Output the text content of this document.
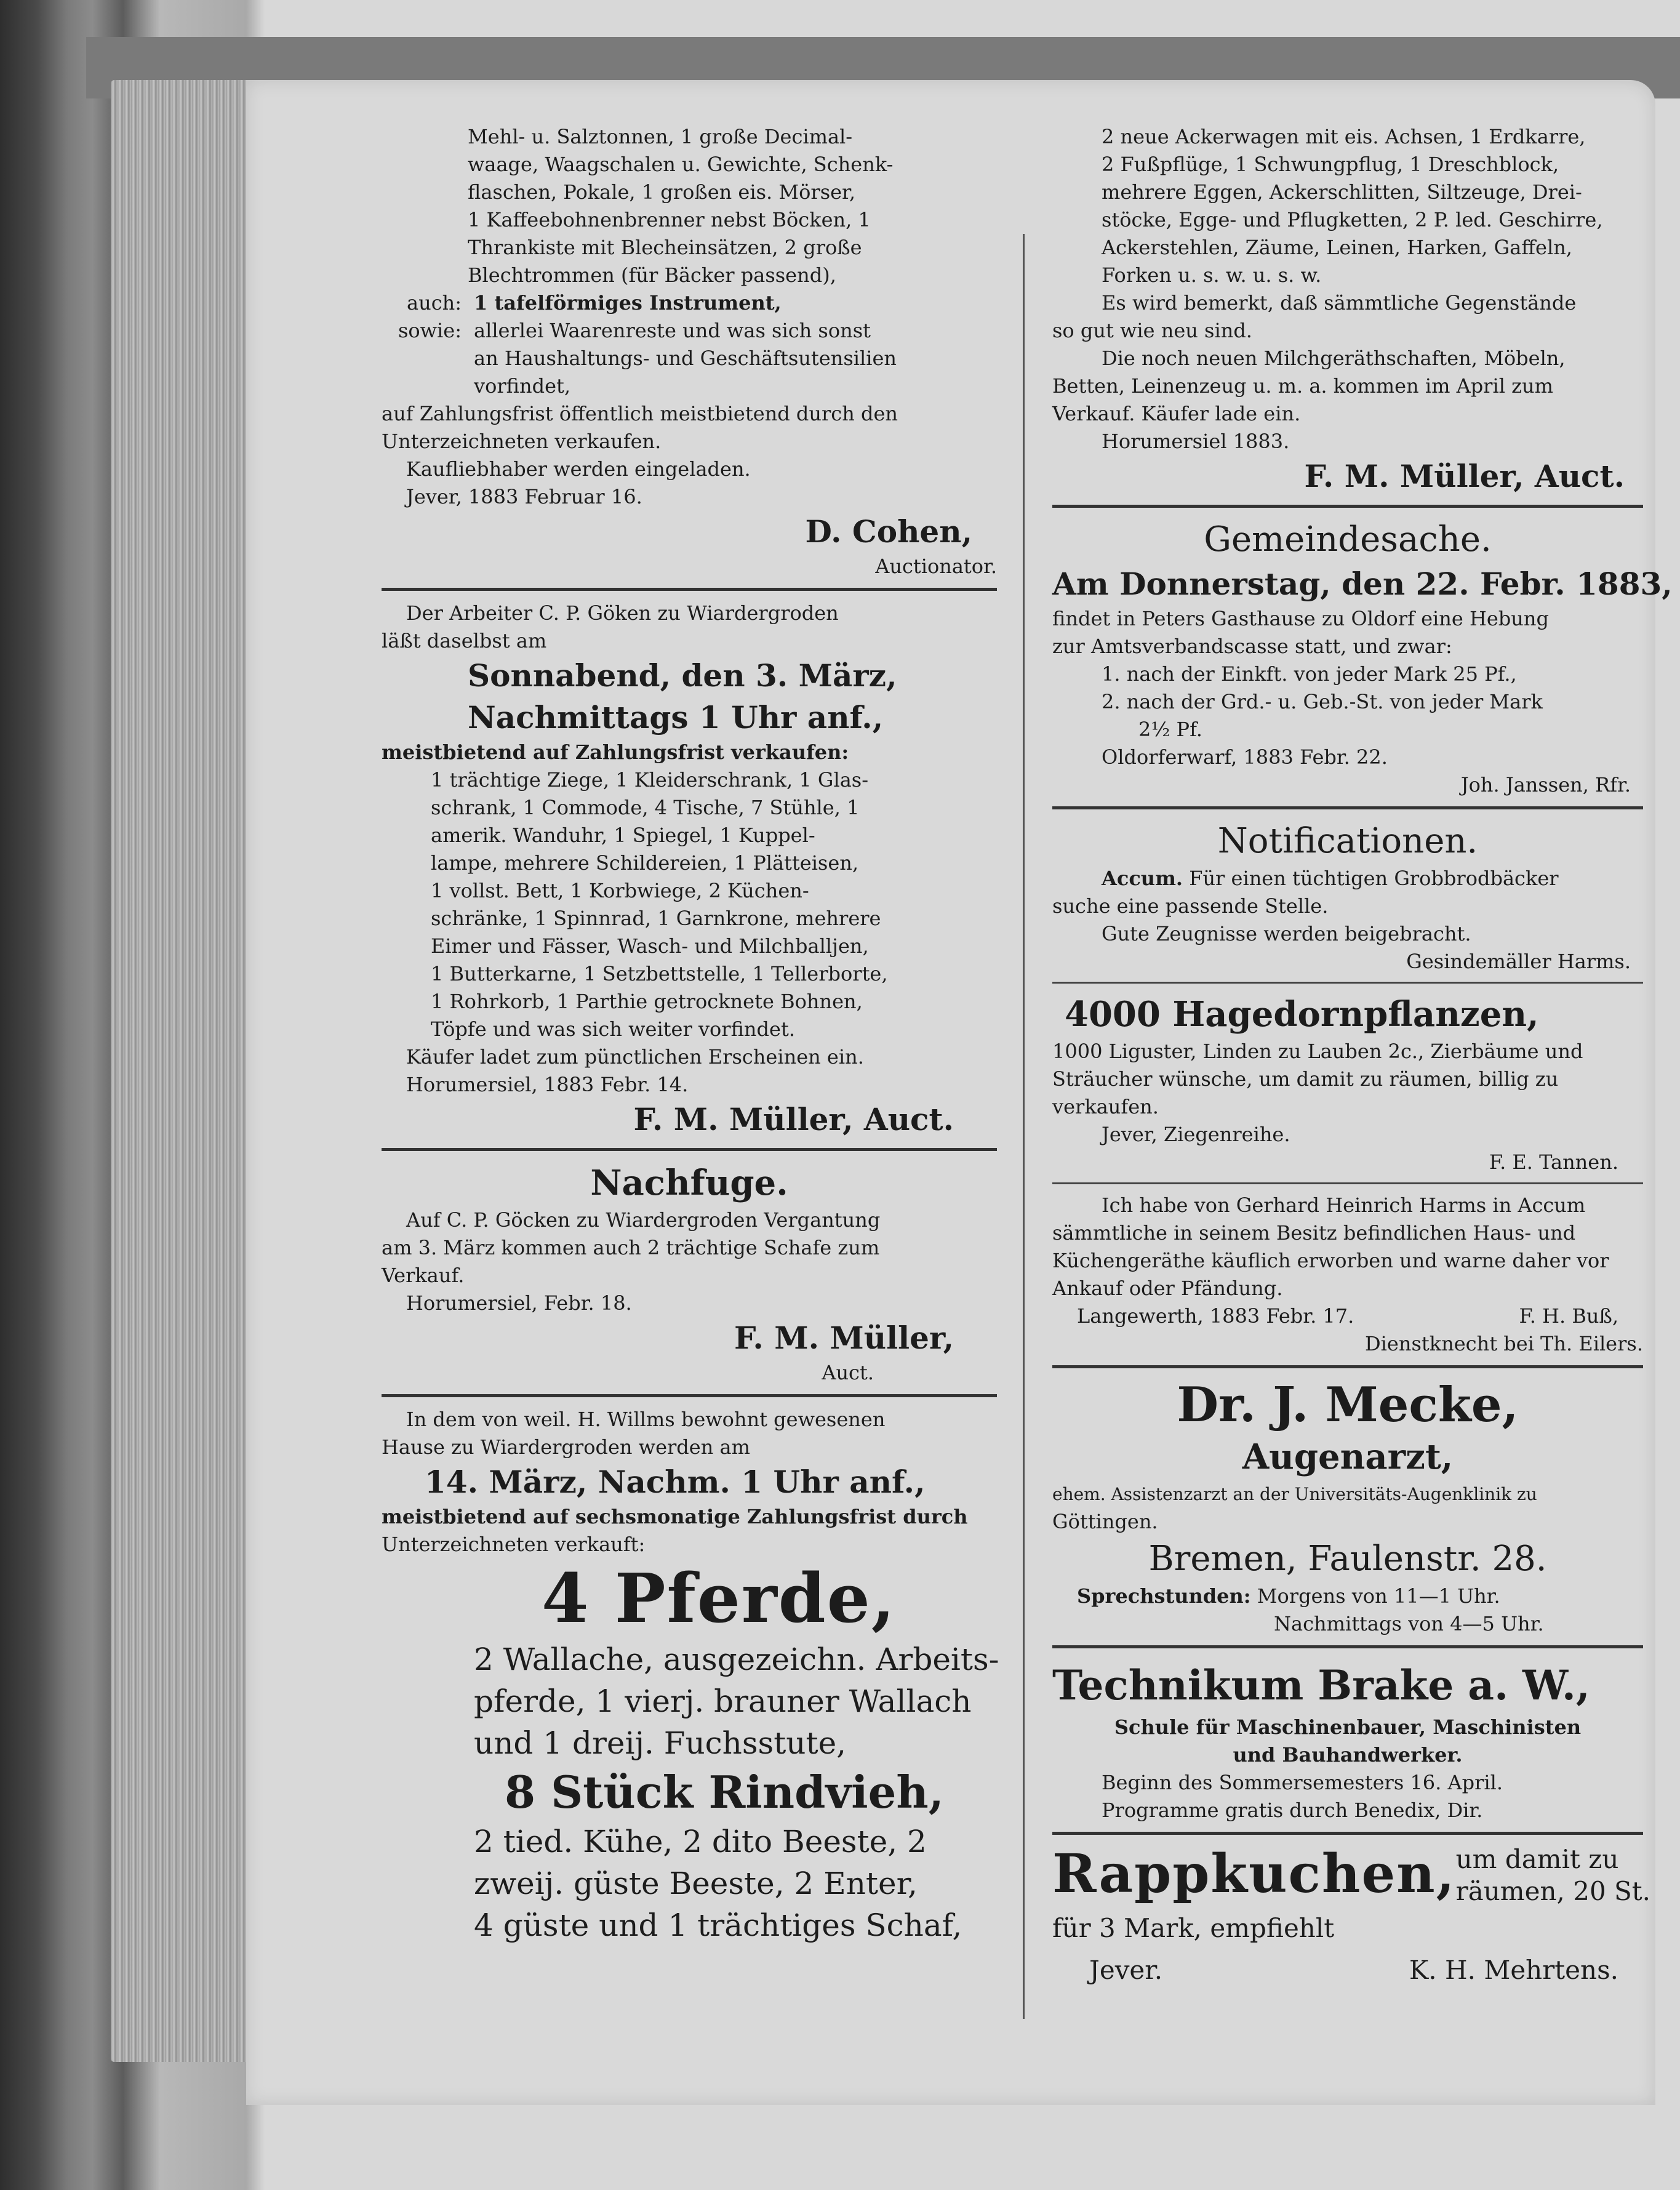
Mehl- u. Salztonnen, 1 große Decimal-
waage, Waagschalen u. Gewichte, Schenk-
flaschen, Pokale, 1 großen eis. Mörser,
1 Kaffeebohnenbrenner nebst Böcken, 1
Thrankiste mit Blecheinsätzen, 2 große
Blechtrommen (für Bäcker passend),
auch: 1 tafelförmiges Instrument,
sowie: allerlei Waarenreste und was sich sonst
an Haushaltungs- und Geschäftsutensilien
vorfindet,
auf Zahlungsfrist öffentlich meistbietend durch den
Unterzeichneten verkaufen.
Kaufliebhaber werden eingeladen.
Jever, 1883 Februar 16.
D. Cohen,
Auctionator.
Der Arbeiter C. P. Göken zu Wiardergroden
läßt daselbst am
Sonnabend, den 3. März,
Nachmittags 1 Uhr anf.,
meistbietend auf Zahlungsfrist verkaufen:
1 trächtige Ziege, 1 Kleiderschrank, 1 Glas-
schrank, 1 Commode, 4 Tische, 7 Stühle, 1
amerik. Wanduhr, 1 Spiegel, 1 Kuppel-
lampe, mehrere Schildereien, 1 Plätteisen,
1 vollst. Bett, 1 Korbwiege, 2 Küchen-
schränke, 1 Spinnrad, 1 Garnkrone, mehrere
Eimer und Fässer, Wasch- und Milchballjen,
1 Butterkarne, 1 Setzbettstelle, 1 Tellerborte,
1 Rohrkorb, 1 Parthie getrocknete Bohnen,
Töpfe und was sich weiter vorfindet.
Käufer ladet zum pünctlichen Erscheinen ein.
Horumersiel, 1883 Febr. 14.
F. M. Müller, Auct.
Nachfuge.
Auf C. P. Göcken zu Wiardergroden Vergantung
am 3. März kommen auch 2 trächtige Schafe zum
Verkauf.
Horumersiel, Febr. 18.
F. M. Müller,
Auct.
In dem von weil. H. Willms bewohnt gewesenen
Hause zu Wiardergroden werden am
14. März, Nachm. 1 Uhr anf.,
meistbietend auf sechsmonatige Zahlungsfrist durch
Unterzeichneten verkauft:
4 Pferde,
2 Wallache, ausgezeichn. Arbeits-
pferde, 1 vierj. brauner Wallach
und 1 dreij. Fuchsstute,
8 Stück Rindvieh,
2 tied. Kühe, 2 dito Beeste, 2
zweij. güste Beeste, 2 Enter,
4 güste und 1 trächtiges Schaf,
2 neue Ackerwagen mit eis. Achsen, 1 Erdkarre,
2 Fußpflüge, 1 Schwungpflug, 1 Dreschblock,
mehrere Eggen, Ackerschlitten, Siltzeuge, Drei-
stöcke, Egge- und Pflugketten, 2 P. led. Geschirre,
Ackerstehlen, Zäume, Leinen, Harken, Gaffeln,
Forken u. s. w. u. s. w.
Es wird bemerkt, daß sämmtliche Gegenstände
so gut wie neu sind.
Die noch neuen Milchgeräthschaften, Möbeln,
Betten, Leinenzeug u. m. a. kommen im April zum
Verkauf. Käufer lade ein.
Horumersiel 1883.
F. M. Müller, Auct.
Gemeindesache.
Am Donnerstag, den 22. Febr. 1883,
findet in Peters Gasthause zu Oldorf eine Hebung
zur Amtsverbandscasse statt, und zwar:
1. nach der Einkft. von jeder Mark 25 Pf.,
2. nach der Grd.- u. Geb.-St. von jeder Mark
2½ Pf.
Oldorferwarf, 1883 Febr. 22.
Joh. Janssen, Rfr.
Notificationen.
Accum. Für einen tüchtigen Grobbrodbäcker
suche eine passende Stelle.
Gute Zeugnisse werden beigebracht.
Gesindemäller Harms.
4000 Hagedornpflanzen,
1000 Liguster, Linden zu Lauben 2c., Zierbäume und
Sträucher wünsche, um damit zu räumen, billig zu
verkaufen.
Jever, Ziegenreihe.
F. E. Tannen.
Ich habe von Gerhard Heinrich Harms in Accum
sämmtliche in seinem Besitz befindlichen Haus- und
Küchengeräthe käuflich erworben und warne daher vor
Ankauf oder Pfändung.
Langewerth, 1883 Febr. 17.	F. H. Buß,
Dienstknecht bei Th. Eilers.
Dr. J. Mecke,
Augenarzt,
ehem. Assistenzarzt an der Universitäts-Augenklinik zu
Göttingen.
Bremen, Faulenstr. 28.
Sprechstunden: Morgens von 11—1 Uhr.
Nachmittags von 4—5 Uhr.
Technikum Brake a. W.,
Schule für Maschinenbauer, Maschinisten
und Bauhandwerker.
Beginn des Sommersemesters 16. April.
Programme gratis durch Benedix, Dir.
Rappkuchen, um damit zu
räumen, 20 St.
für 3 Mark, empfiehlt
Jever.	K. H. Mehrtens.
